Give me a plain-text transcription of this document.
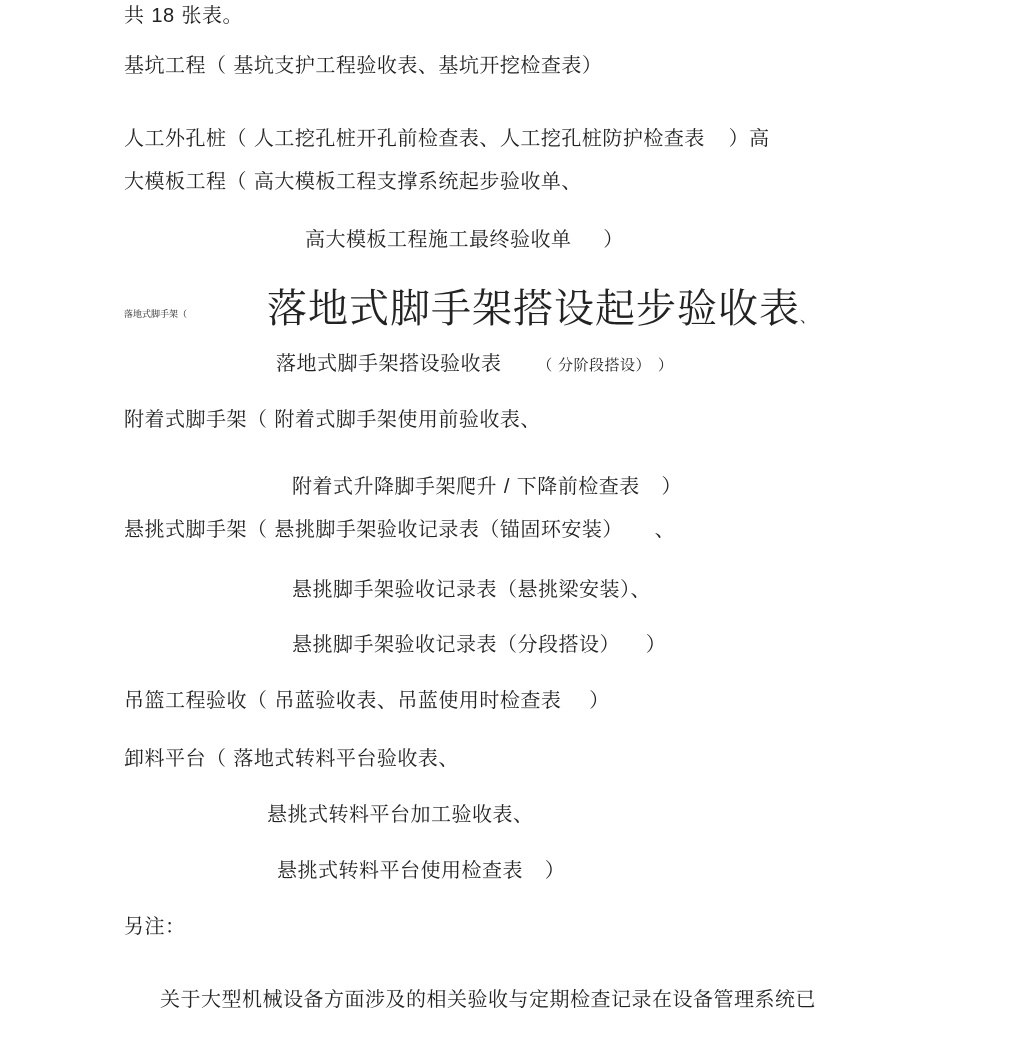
共 18 张表。
基坑工程（ 基坑支护工程验收表、基坑开挖检查表）
人工外孔桩（ 人工挖孔桩开孔前检查表、人工挖孔桩防护检查表 ）高
大模板工程（ 高大模板工程支撑系统起步验收单、
高大模板工程施工最终验收单 ）
落地式脚手架（ 落地式脚手架搭设起步验收表、
落地式脚手架搭设验收表 （ 分阶段搭设） ）
附着式脚手架（ 附着式脚手架使用前验收表、
附着式升降脚手架爬升 / 下降前检查表 ）
悬挑式脚手架（ 悬挑脚手架验收记录表（锚固环安装） 、
悬挑脚手架验收记录表（悬挑梁安装）、
悬挑脚手架验收记录表（分段搭设） ）
吊篮工程验收（ 吊蓝验收表、吊蓝使用时检查表 ）
卸料平台（ 落地式转料平台验收表、
悬挑式转料平台加工验收表、
悬挑式转料平台使用检查表 ）
另注：
关于大型机械设备方面涉及的相关验收与定期检查记录在设备管理系统已
